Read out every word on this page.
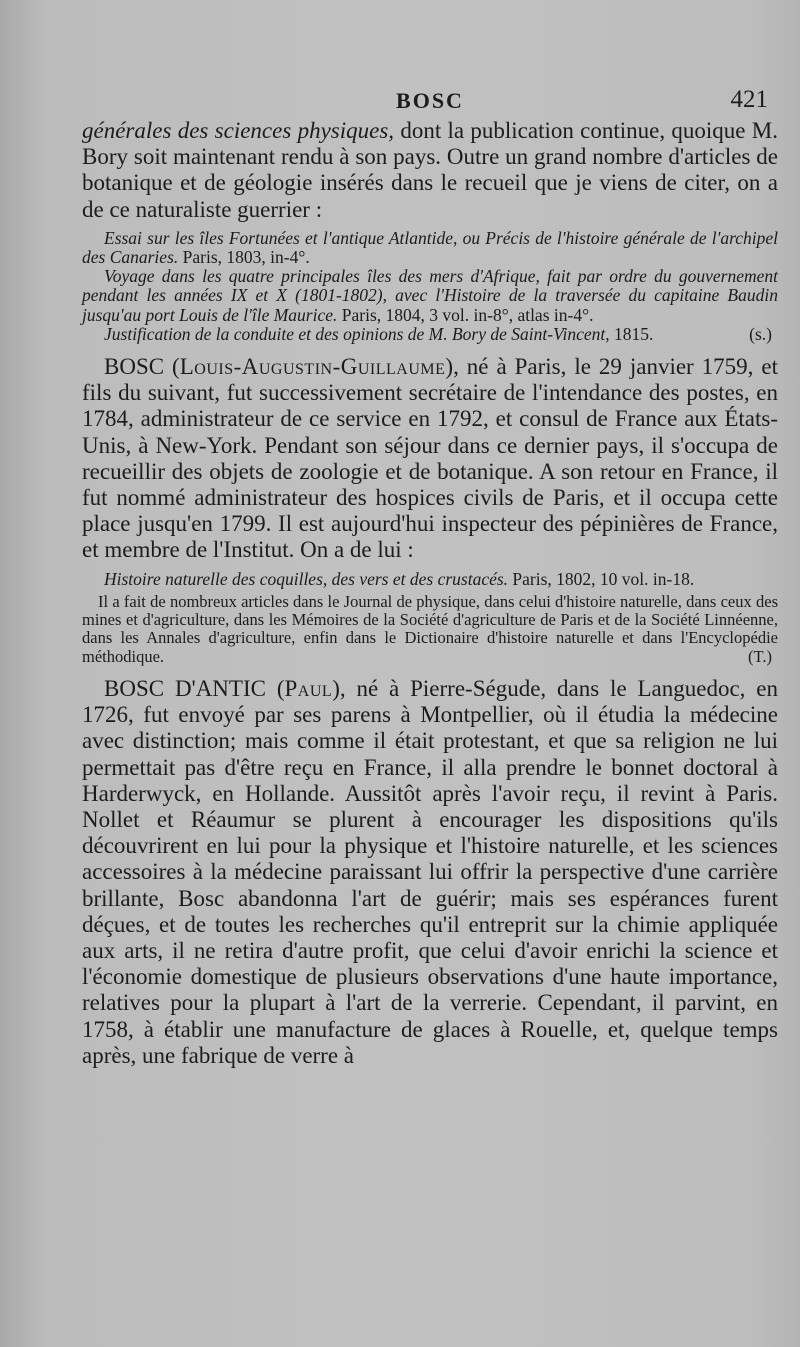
BOSC	421

générales des sciences physiques, dont la publication continue, quoique M. Bory soit maintenant rendu à son pays. Outre un grand nombre d'articles de botanique et de géologie insérés dans le recueil que je viens de citer, on a de ce naturaliste guerrier :

Essai sur les îles Fortunées et l'antique Atlantide, ou Précis de l'histoire générale de l'archipel des Canaries. Paris, 1803, in-4°.

Voyage dans les quatre principales îles des mers d'Afrique, fait par ordre du gouvernement pendant les années IX et X (1801-1802), avec l'Histoire de la traversée du capitaine Baudin jusqu'au port Louis de l'île Maurice. Paris, 1804, 3 vol. in-8°, atlas in-4°.

Justification de la conduite et des opinions de M. Bory de Saint-Vincent, 1815.	(s.)

BOSC (Louis-Augustin-Guillaume), né à Paris, le 29 janvier 1759, et fils du suivant, fut successivement secrétaire de l'intendance des postes, en 1784, administrateur de ce service en 1792, et consul de France aux États-Unis, à New-York. Pendant son séjour dans ce dernier pays, il s'occupa de recueillir des objets de zoologie et de botanique. A son retour en France, il fut nommé administrateur des hospices civils de Paris, et il occupa cette place jusqu'en 1799. Il est aujourd'hui inspecteur des pépinières de France, et membre de l'Institut. On a de lui :

Histoire naturelle des coquilles, des vers et des crustacés. Paris, 1802, 10 vol. in-18.

Il a fait de nombreux articles dans le Journal de physique, dans celui d'histoire naturelle, dans ceux des mines et d'agriculture, dans les Mémoires de la Société d'agriculture de Paris et de la Société Linnéenne, dans les Annales d'agriculture, enfin dans le Dictionaire d'histoire naturelle et dans l'Encyclopédie méthodique.	(T.)

BOSC D'ANTIC (Paul), né à Pierre-Ségude, dans le Languedoc, en 1726, fut envoyé par ses parens à Montpellier, où il étudia la médecine avec distinction; mais comme il était protestant, et que sa religion ne lui permettait pas d'être reçu en France, il alla prendre le bonnet doctoral à Harderwyck, en Hollande. Aussitôt après l'avoir reçu, il revint à Paris. Nollet et Réaumur se plurent à encourager les dispositions qu'ils découvrirent en lui pour la physique et l'histoire naturelle, et les sciences accessoires à la médecine paraissant lui offrir la perspective d'une carrière brillante, Bosc abandonna l'art de guérir; mais ses espérances furent déçues, et de toutes les recherches qu'il entreprit sur la chimie appliquée aux arts, il ne retira d'autre profit, que celui d'avoir enrichi la science et l'économie domestique de plusieurs observations d'une haute importance, relatives pour la plupart à l'art de la verrerie. Cependant, il parvint, en 1758, à établir une manufacture de glaces à Rouelle, et, quelque temps après, une fabrique de verre à
